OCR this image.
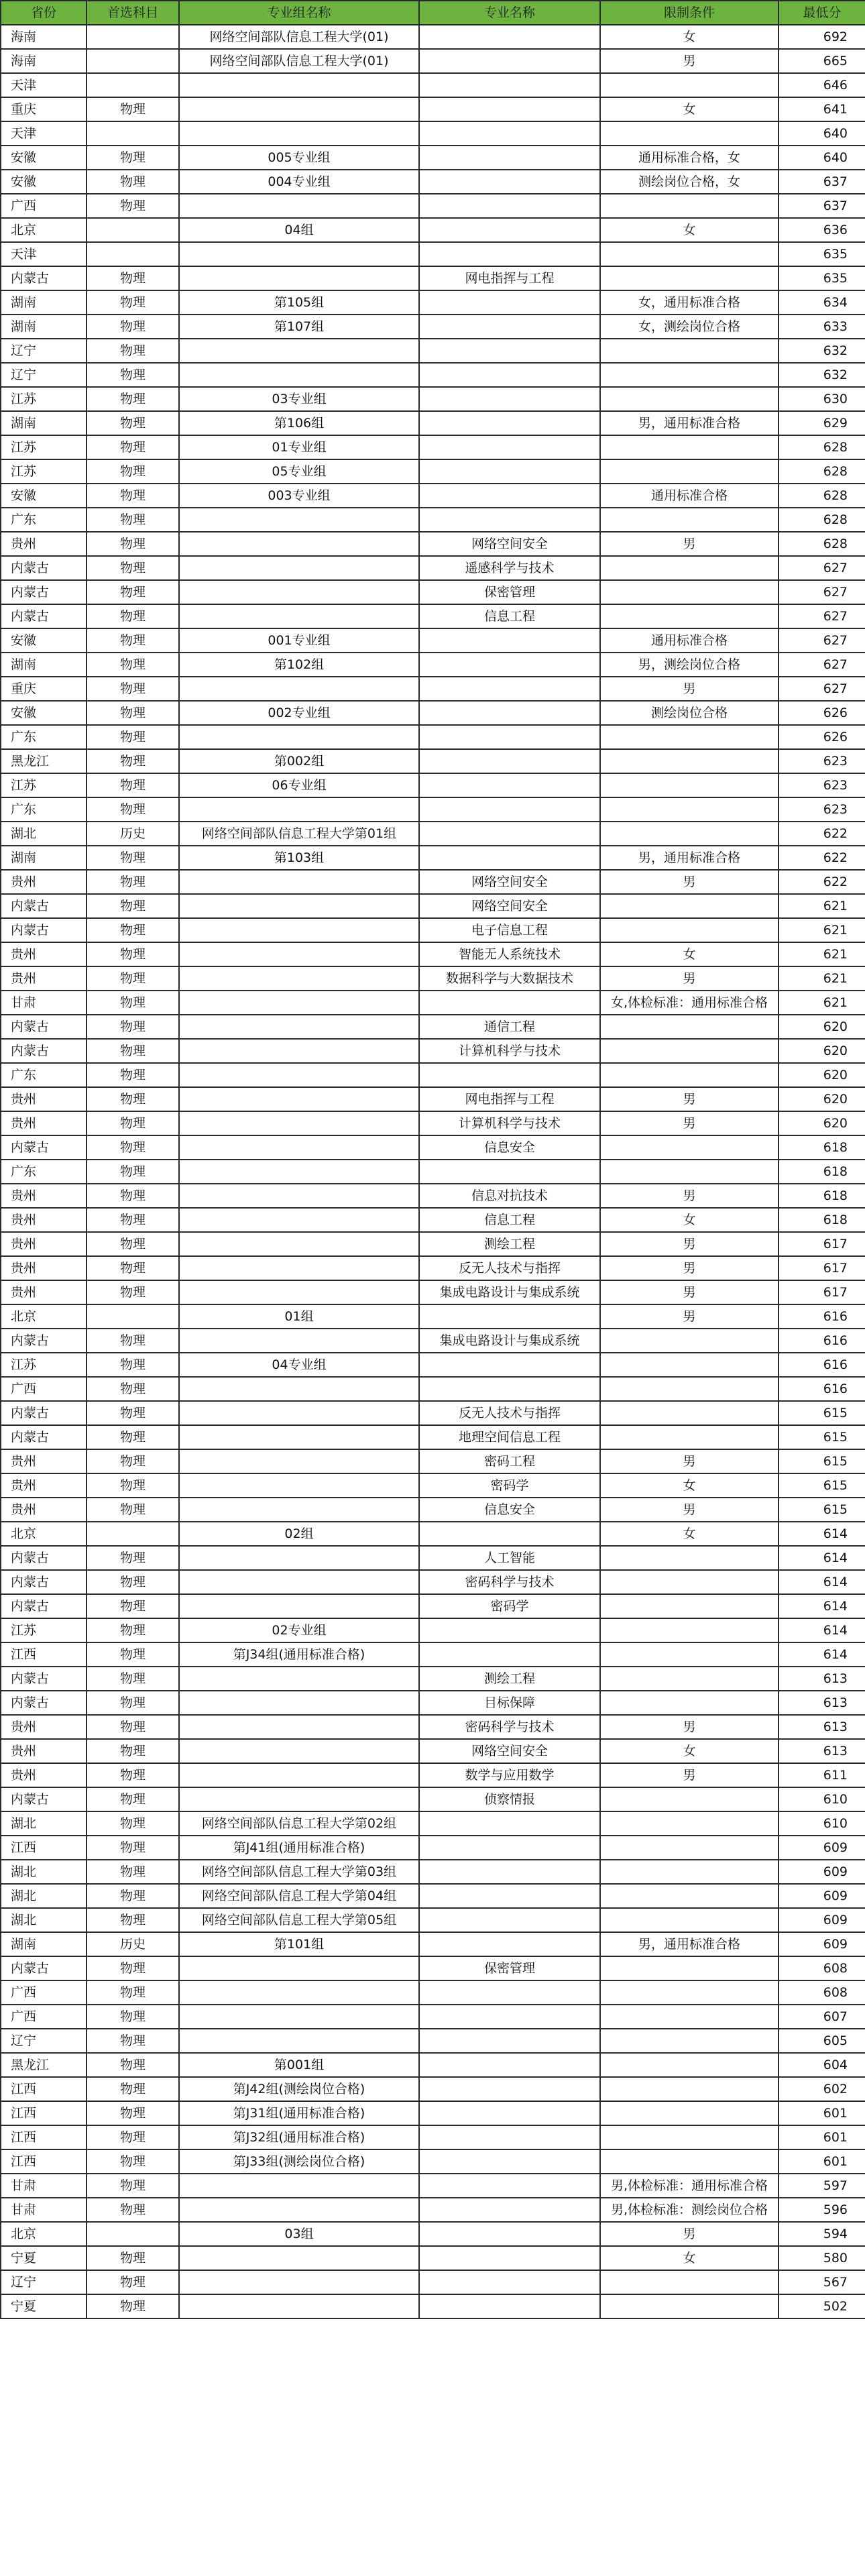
省份	首选科目	专业组名称	专业名称	限制条件	最低分
海南		网络空间部队信息工程大学(01)		女	692
海南		网络空间部队信息工程大学(01)		男	665
天津					646
重庆	物理			女	641
天津					640
安徽	物理	005专业组		通用标准合格，女	640
安徽	物理	004专业组		测绘岗位合格，女	637
广西	物理				637
北京		04组		女	636
天津					635
内蒙古	物理		网电指挥与工程		635
湖南	物理	第105组		女，通用标准合格	634
湖南	物理	第107组		女，测绘岗位合格	633
辽宁	物理				632
辽宁	物理				632
江苏	物理	03专业组			630
湖南	物理	第106组		男，通用标准合格	629
江苏	物理	01专业组			628
江苏	物理	05专业组			628
安徽	物理	003专业组		通用标准合格	628
广东	物理				628
贵州	物理		网络空间安全	男	628
内蒙古	物理		遥感科学与技术		627
内蒙古	物理		保密管理		627
内蒙古	物理		信息工程		627
安徽	物理	001专业组		通用标准合格	627
湖南	物理	第102组		男，测绘岗位合格	627
重庆	物理			男	627
安徽	物理	002专业组		测绘岗位合格	626
广东	物理				626
黑龙江	物理	第002组			623
江苏	物理	06专业组			623
广东	物理				623
湖北	历史	网络空间部队信息工程大学第01组			622
湖南	物理	第103组		男，通用标准合格	622
贵州	物理		网络空间安全	男	622
内蒙古	物理		网络空间安全		621
内蒙古	物理		电子信息工程		621
贵州	物理		智能无人系统技术	女	621
贵州	物理		数据科学与大数据技术	男	621
甘肃	物理			女,体检标准：通用标准合格	621
内蒙古	物理		通信工程		620
内蒙古	物理		计算机科学与技术		620
广东	物理				620
贵州	物理		网电指挥与工程	男	620
贵州	物理		计算机科学与技术	男	620
内蒙古	物理		信息安全		618
广东	物理				618
贵州	物理		信息对抗技术	男	618
贵州	物理		信息工程	女	618
贵州	物理		测绘工程	男	617
贵州	物理		反无人技术与指挥	男	617
贵州	物理		集成电路设计与集成系统	男	617
北京		01组		男	616
内蒙古	物理		集成电路设计与集成系统		616
江苏	物理	04专业组			616
广西	物理				616
内蒙古	物理		反无人技术与指挥		615
内蒙古	物理		地理空间信息工程		615
贵州	物理		密码工程	男	615
贵州	物理		密码学	女	615
贵州	物理		信息安全	男	615
北京		02组		女	614
内蒙古	物理		人工智能		614
内蒙古	物理		密码科学与技术		614
内蒙古	物理		密码学		614
江苏	物理	02专业组			614
江西	物理	第J34组(通用标准合格)			614
内蒙古	物理		测绘工程		613
内蒙古	物理		目标保障		613
贵州	物理		密码科学与技术	男	613
贵州	物理		网络空间安全	女	613
贵州	物理		数学与应用数学	男	611
内蒙古	物理		侦察情报		610
湖北	物理	网络空间部队信息工程大学第02组			610
江西	物理	第J41组(通用标准合格)			609
湖北	物理	网络空间部队信息工程大学第03组			609
湖北	物理	网络空间部队信息工程大学第04组			609
湖北	物理	网络空间部队信息工程大学第05组			609
湖南	历史	第101组		男，通用标准合格	609
内蒙古	物理		保密管理		608
广西	物理				608
广西	物理				607
辽宁	物理				605
黑龙江	物理	第001组			604
江西	物理	第J42组(测绘岗位合格)			602
江西	物理	第J31组(通用标准合格)			601
江西	物理	第J32组(通用标准合格)			601
江西	物理	第J33组(测绘岗位合格)			601
甘肃	物理			男,体检标准：通用标准合格	597
甘肃	物理			男,体检标准：测绘岗位合格	596
北京		03组		男	594
宁夏	物理			女	580
辽宁	物理				567
宁夏	物理				502
